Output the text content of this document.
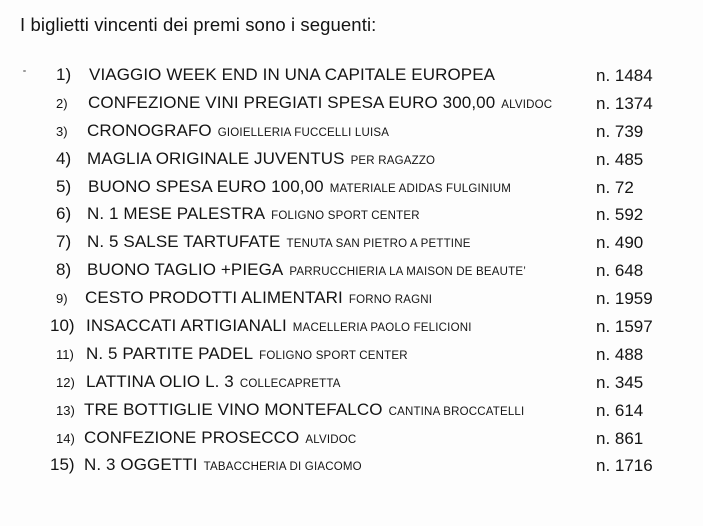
I biglietti vincenti dei premi sono i seguenti:
1) VIAGGIO WEEK END IN UNA CAPITALE EUROPEA	n. 1484
2) CONFEZIONE VINI PREGIATI SPESA EURO 300,00 ALVIDOC	n. 1374
3) CRONOGRAFO GIOIELLERIA FUCCELLI LUISA	n. 739
4) MAGLIA ORIGINALE JUVENTUS PER RAGAZZO	n. 485
5) BUONO SPESA EURO 100,00 MATERIALE ADIDAS FULGINIUM	n. 72
6) N. 1 MESE PALESTRA FOLIGNO SPORT CENTER	n. 592
7) N. 5 SALSE TARTUFATE TENUTA SAN PIETRO A PETTINE	n. 490
8) BUONO TAGLIO +PIEGA PARRUCCHIERIA LA MAISON DE BEAUTE’	n. 648
9) CESTO PRODOTTI ALIMENTARI FORNO RAGNI	n. 1959
10) INSACCATI ARTIGIANALI MACELLERIA PAOLO FELICIONI	n. 1597
11) N. 5 PARTITE PADEL FOLIGNO SPORT CENTER	n. 488
12) LATTINA OLIO L. 3 COLLECAPRETTA	n. 345
13) TRE BOTTIGLIE VINO MONTEFALCO CANTINA BROCCATELLI	n. 614
14) CONFEZIONE PROSECCO ALVIDOC	n. 861
15) N. 3 OGGETTI TABACCHERIA DI GIACOMO	n. 1716
